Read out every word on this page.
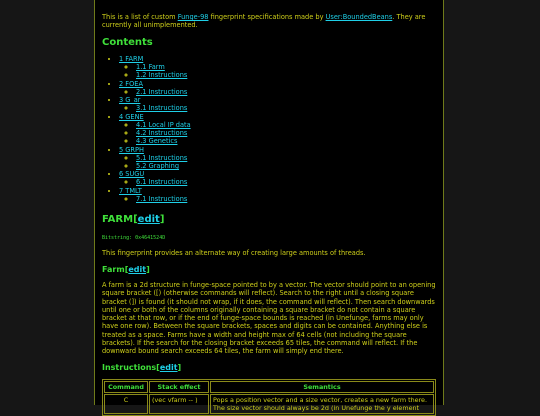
This is a list of custom Funge-98 fingerprint specifications made by User:BoundedBeans. They are currently all unimplemented.

Contents
• 1 FARM
◦ 1.1 Farm
◦ 1.2 Instructions
• 2 FOEA
◦ 2.1 Instructions
• 3 G_ar
◦ 3.1 Instructions
• 4 GENE
◦ 4.1 Local IP data
◦ 4.2 Instructions
◦ 4.3 Genetics
• 5 GRPH
◦ 5.1 Instructions
◦ 5.2 Graphing
• 6 SUGU
◦ 6.1 Instructions
• 7 TMLT
◦ 7.1 Instructions
FARM[edit]
Bitstring: 0x4641524D

This fingerprint provides an alternate way of creating large amounts of threads.

Farm[edit]

A farm is a 2d structure in funge-space pointed to by a vector. The vector should point to an opening square bracket ([) (otherwise commands will reflect). Search to the right until a closing square bracket (]) is found (it should not wrap, if it does, the command will reflect). Then search downwards until one or both of the columns originally containing a square bracket do not contain a square bracket at that row, or if the end of funge-space bounds is reached (in Unefunge, farms may only have one row). Between the square brackets, spaces and digits can be contained. Anything else is treated as a space. Farms have a width and height max of 64 cells (not including the square brackets). If the search for the closing bracket exceeds 65 tiles, the command will reflect. If the downward bound search exceeds 64 tiles, the farm will simply end there.

Instructions[edit]
Command	Stack effect	Semantics
C	(vec vfarm -- )	Pops a position vector and a size vector, creates a new farm there. The size vector should always be 2d (in Unefunge the y element
